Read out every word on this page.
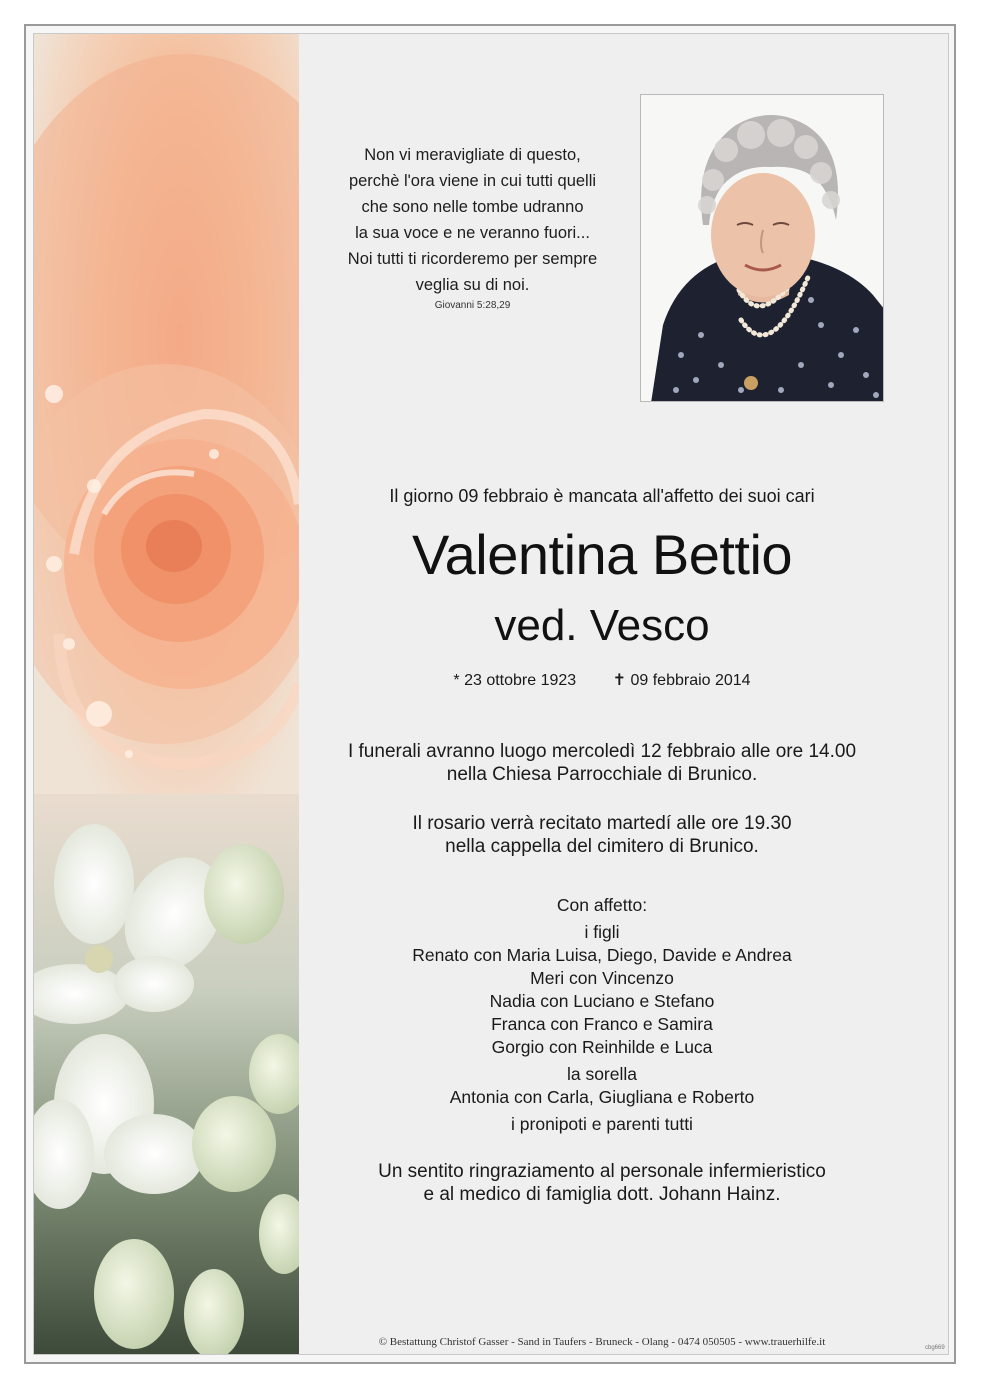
Non vi meravigliate di questo,
perchè l'ora viene in cui tutti quelli
che sono nelle tombe udranno
la sua voce e ne veranno fuori...
Noi tutti ti ricorderemo per sempre
veglia su di noi.
Giovanni 5:28,29
Il giorno 09 febbraio è mancata all'affetto dei suoi cari
Valentina Bettio
ved. Vesco
* 23 ottobre 1923 ✝ 09 febbraio 2014
I funerali avranno luogo mercoledì 12 febbraio alle ore 14.00
nella Chiesa Parrocchiale di Brunico.
Il rosario verrà recitato martedí alle ore 19.30
nella cappella del cimitero di Brunico.
Con affetto:
i figli
Renato con Maria Luisa, Diego, Davide e Andrea
Meri con Vincenzo
Nadia con Luciano e Stefano
Franca con Franco e Samira
Gorgio con Reinhilde e Luca
la sorella
Antonia con Carla, Giugliana e Roberto
i pronipoti e parenti tutti
Un sentito ringraziamento al personale infermieristico
e al medico di famiglia dott. Johann Hainz.
© Bestattung Christof Gasser - Sand in Taufers - Bruneck - Olang - 0474 050505 - www.trauerhilfe.it	cbg669
